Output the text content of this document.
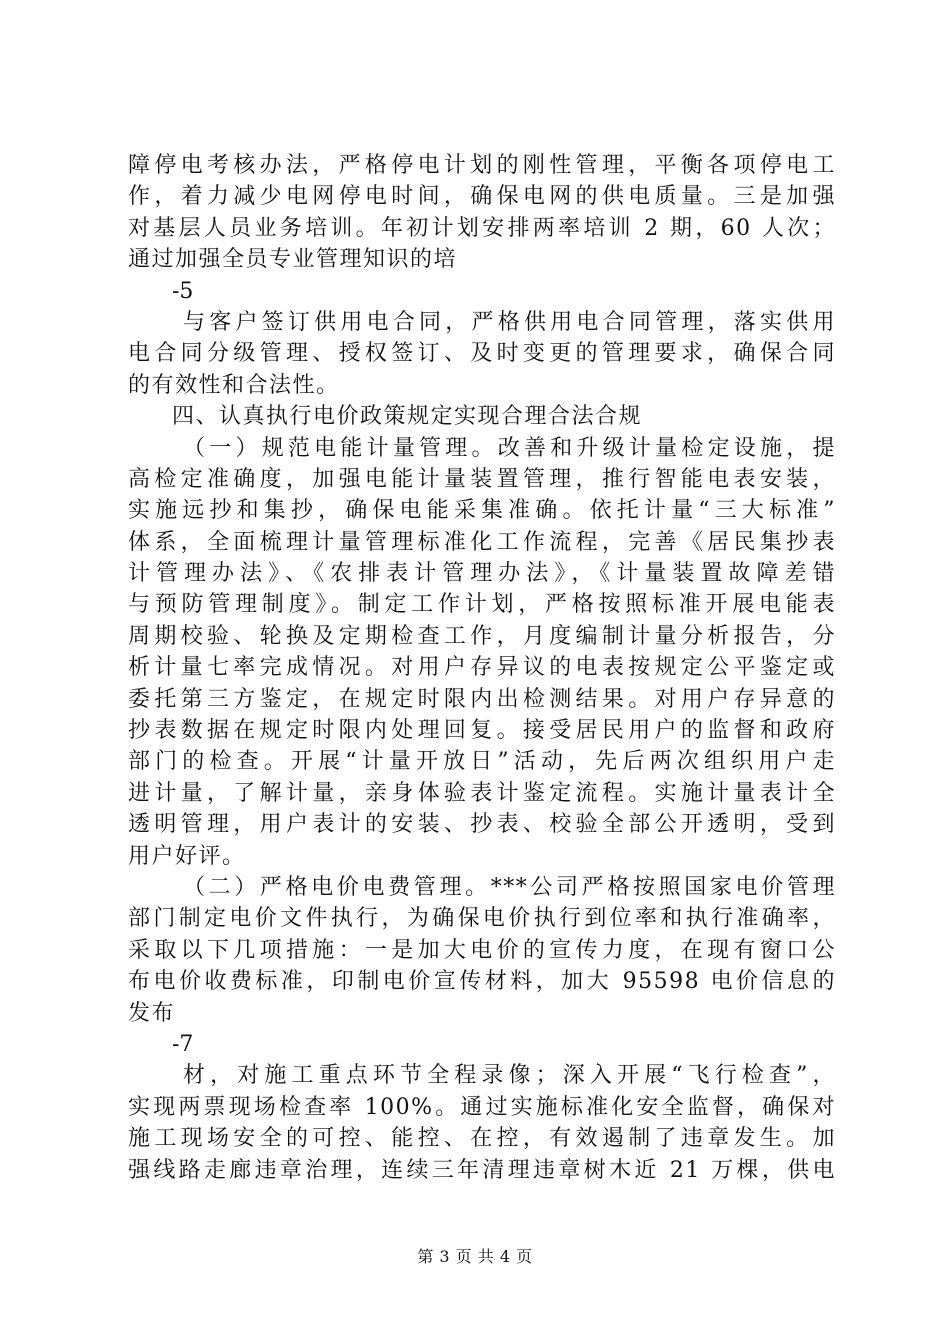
障停电考核办法，严格停电计划的刚性管理，平衡各项停电工
作，着力减少电网停电时间，确保电网的供电质量。三是加强
对基层人员业务培训。年初计划安排两率培训 2 期，60 人次；
通过加强全员专业管理知识的培
-5
与客户签订供用电合同，严格供用电合同管理，落实供用
电合同分级管理、授权签订、及时变更的管理要求，确保合同
的有效性和合法性。
四、认真执行电价政策规定实现合理合法合规
（一）规范电能计量管理。改善和升级计量检定设施，提
高检定准确度，加强电能计量装置管理，推行智能电表安装，
实施远抄和集抄，确保电能采集准确。依托计量“三大标准”
体系，全面梳理计量管理标准化工作流程，完善《居民集抄表
计管理办法》、《农排表计管理办法》，《计量装置故障差错
与预防管理制度》。制定工作计划，严格按照标准开展电能表
周期校验、轮换及定期检查工作，月度编制计量分析报告，分
析计量七率完成情况。对用户存异议的电表按规定公平鉴定或
委托第三方鉴定，在规定时限内出检测结果。对用户存异意的
抄表数据在规定时限内处理回复。接受居民用户的监督和政府
部门的检查。开展“计量开放日”活动，先后两次组织用户走
进计量，了解计量，亲身体验表计鉴定流程。实施计量表计全
透明管理，用户表计的安装、抄表、校验全部公开透明，受到
用户好评。
（二）严格电价电费管理。***公司严格按照国家电价管理
部门制定电价文件执行，为确保电价执行到位率和执行准确率，
采取以下几项措施：一是加大电价的宣传力度，在现有窗口公
布电价收费标准，印制电价宣传材料，加大 95598 电价信息的
发布
-7
材，对施工重点环节全程录像；深入开展“飞行检查”，
实现两票现场检查率 100%。通过实施标准化安全监督，确保对
施工现场安全的可控、能控、在控，有效遏制了违章发生。加
强线路走廊违章治理，连续三年清理违章树木近 21 万棵，供电
第 3 页 共 4 页
